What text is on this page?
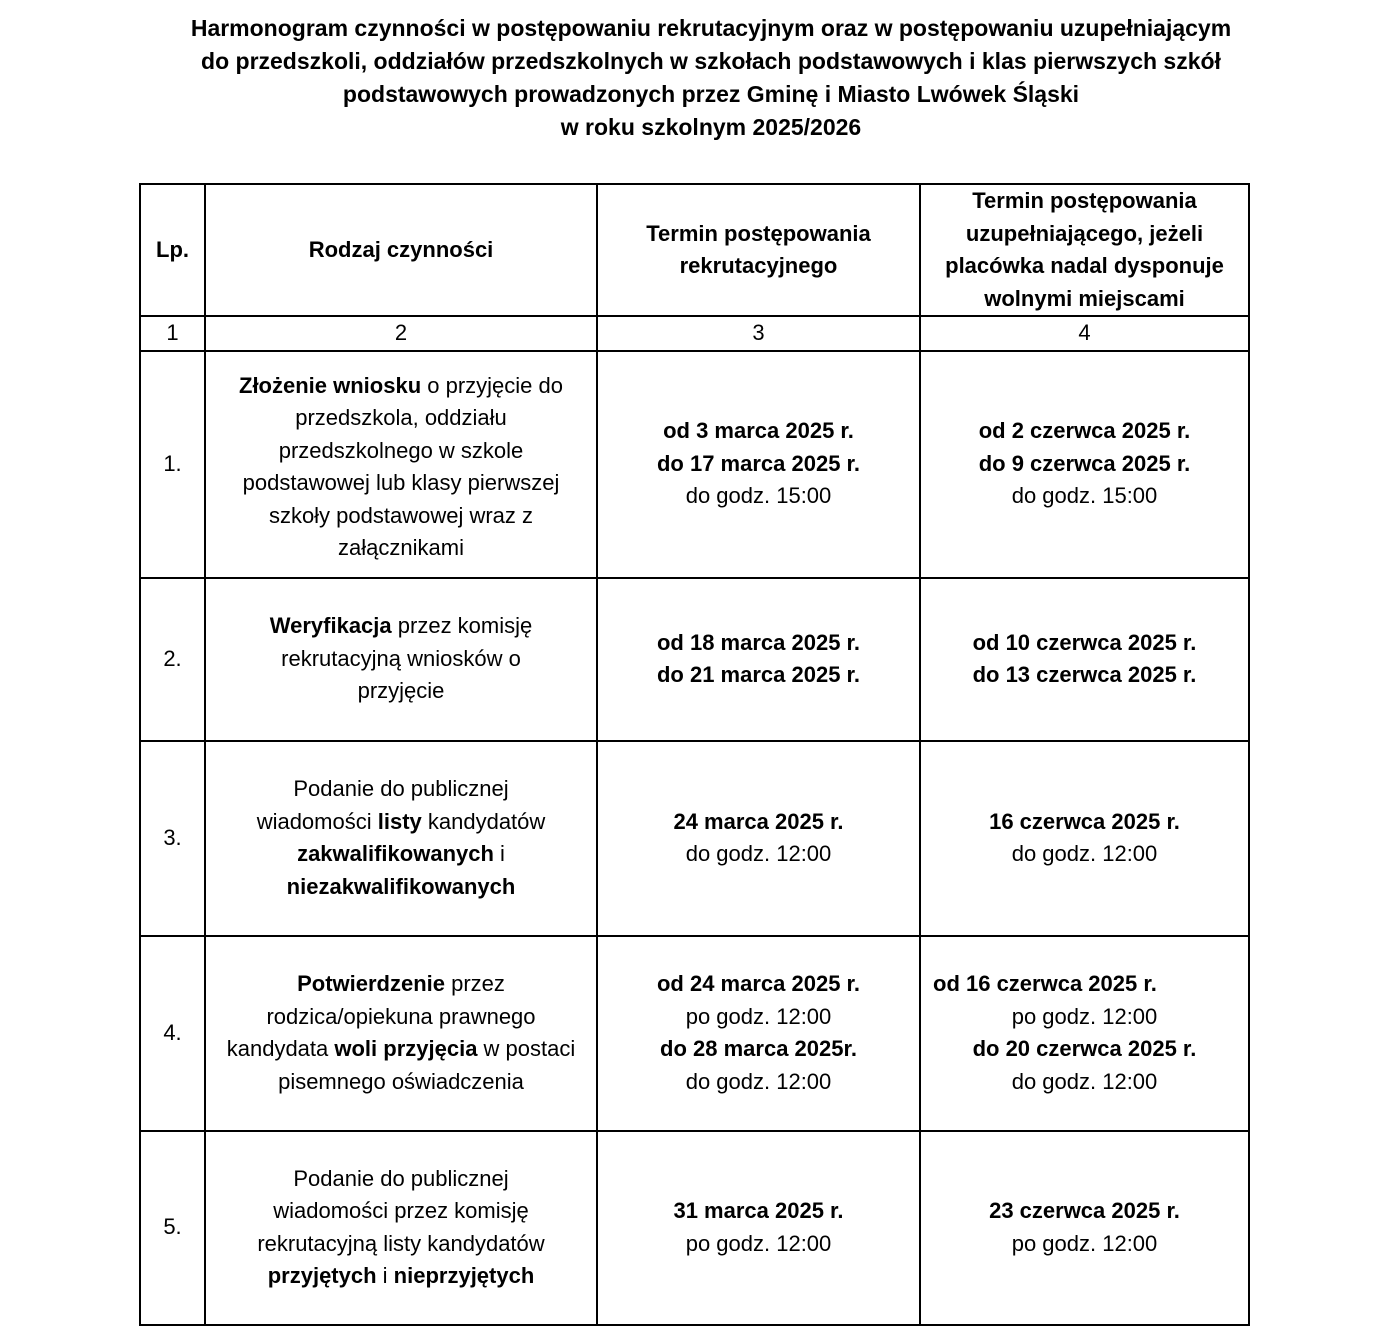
Harmonogram czynności w postępowaniu rekrutacyjnym oraz w postępowaniu uzupełniającym
do przedszkoli, oddziałów przedszkolnych w szkołach podstawowych i klas pierwszych szkół
podstawowych prowadzonych przez Gminę i Miasto Lwówek Śląski
w roku szkolnym 2025/2026
Lp.	Rodzaj czynności	Termin postępowania rekrutacyjnego	Termin postępowania uzupełniającego, jeżeli placówka nadal dysponuje wolnymi miejscami
1	2	3	4
1.	Złożenie wniosku o przyjęcie do przedszkola, oddziału przedszkolnego w szkole podstawowej lub klasy pierwszej szkoły podstawowej wraz z załącznikami	od 3 marca 2025 r.
do 17 marca 2025 r.
do godz. 15:00	od 2 czerwca 2025 r.
do 9 czerwca 2025 r.
do godz. 15:00

2.	Weryfikacja przez komisję rekrutacyjną wniosków o przyjęcie	od 18 marca 2025 r.
do 21 marca 2025 r.	od 10 czerwca 2025 r.
do 13 czerwca 2025 r.

3.	Podanie do publicznej wiadomości listy kandydatów zakwalifikowanych i niezakwalifikowanych	24 marca 2025 r.
do godz. 12:00	16 czerwca 2025 r.
do godz. 12:00

4.	Potwierdzenie przez rodzica/opiekuna prawnego kandydata woli przyjęcia w postaci pisemnego oświadczenia	od 24 marca 2025 r.
po godz. 12:00
do 28 marca 2025r.
do godz. 12:00	od 16 czerwca 2025 r.
po godz. 12:00
do 20 czerwca 2025 r.
do godz. 12:00

5.	Podanie do publicznej wiadomości przez komisję rekrutacyjną listy kandydatów przyjętych i nieprzyjętych	31 marca 2025 r.
po godz. 12:00	23 czerwca 2025 r.
po godz. 12:00
